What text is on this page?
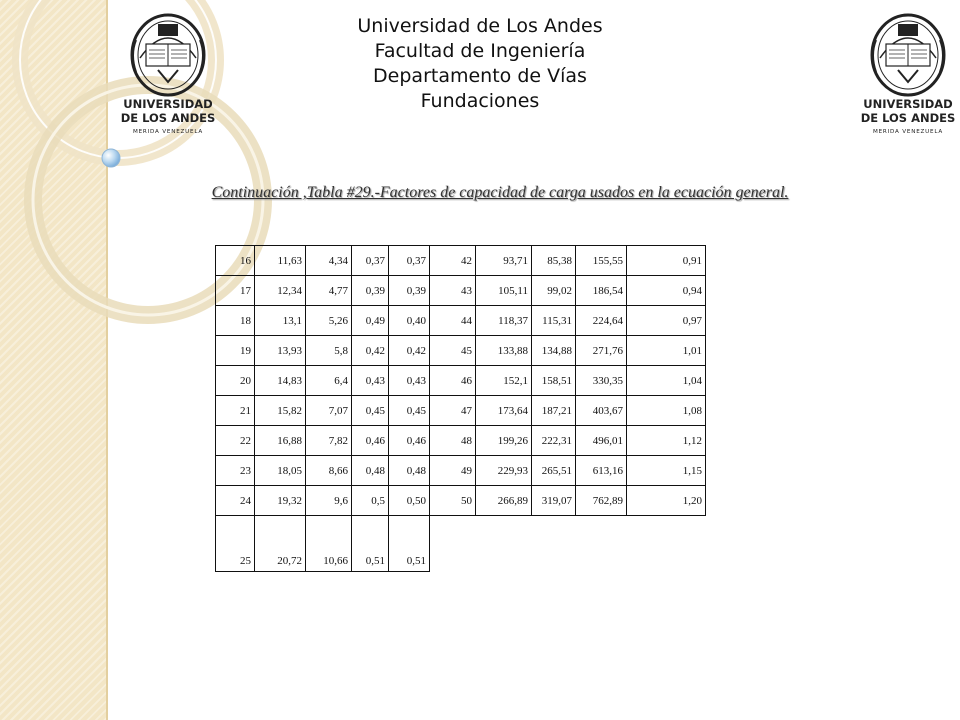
UNIVERSIDAD
DE LOS ANDES
MERIDA VENEZUELA
UNIVERSIDAD
DE LOS ANDES
MERIDA VENEZUELA
Universidad de Los Andes
Facultad de Ingeniería
Departamento de Vías
Fundaciones
Continuación ,Tabla #29.-Factores de capacidad de carga usados en la ecuación general.
16	11,63	4,34	0,37	0,37	42	93,71	85,38	155,55	0,91
17	12,34	4,77	0,39	0,39	43	105,11	99,02	186,54	0,94
18	13,1	5,26	0,49	0,40	44	118,37	115,31	224,64	0,97
19	13,93	5,8	0,42	0,42	45	133,88	134,88	271,76	1,01
20	14,83	6,4	0,43	0,43	46	152,1	158,51	330,35	1,04
21	15,82	7,07	0,45	0,45	47	173,64	187,21	403,67	1,08
22	16,88	7,82	0,46	0,46	48	199,26	222,31	496,01	1,12
23	18,05	8,66	0,48	0,48	49	229,93	265,51	613,16	1,15
24	19,32	9,6	0,5	0,50	50	266,89	319,07	762,89	1,20
25	20,72	10,66	0,51	0,51					
